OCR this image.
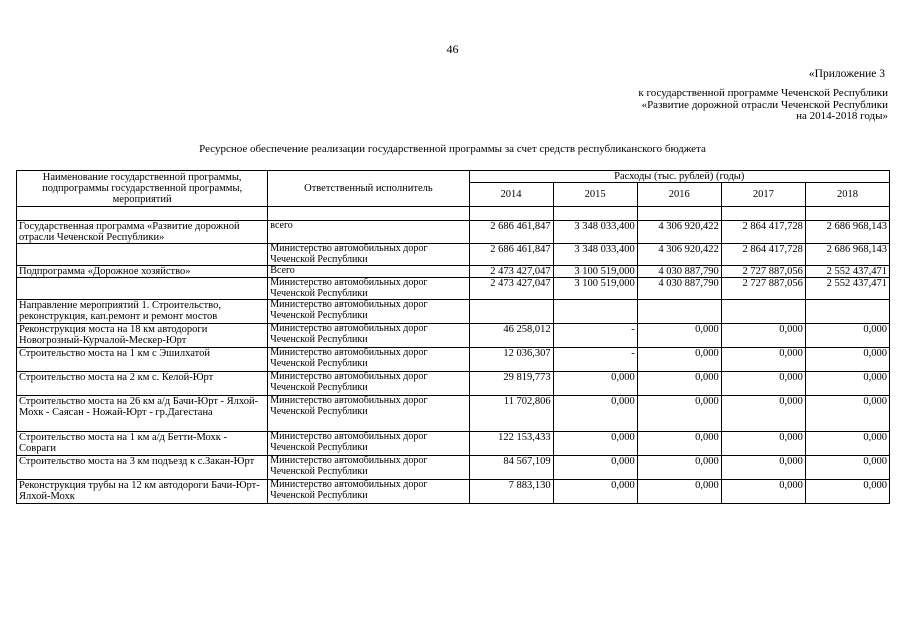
46
«Приложение 3
к государственной программе Чеченской Республики
«Развитие дорожной отрасли Чеченской Республики
на 2014-2018 годы»
Ресурсное обеспечение реализации государственной программы за счет средств республиканского бюджета
Наименование государственной программы, подпрограммы государственной программы, мероприятий	Ответственный исполнитель	Расходы (тыс. рублей) (годы)				
		2014	2015	2016	2017	2018

Государственная программа «Развитие дорожной отрасли Чеченской Республики»	всего	2 686 461,847	3 348 033,400	4 306 920,422	2 864 417,728	2 686 968,143
	Министерство автомобильных дорог Чеченской Республики	2 686 461,847	3 348 033,400	4 306 920,422	2 864 417,728	2 686 968,143
Подпрограмма «Дорожное хозяйство»	Всего	2 473 427,047	3 100 519,000	4 030 887,790	2 727 887,056	2 552 437,471
	Министерство автомобильных дорог Чеченской Республики	2 473 427,047	3 100 519,000	4 030 887,790	2 727 887,056	2 552 437,471
Направление мероприятий 1. Строительство, реконструкция, кап.ремонт и ремонт мостов	Министерство автомобильных дорог Чеченской Республики					
Реконструкция моста на 18 км автодороги Новогрозный-Курчалой-Мескер-Юрт	Министерство автомобильных дорог Чеченской Республики	46 258,012	-	0,000	0,000	0,000
Строительство моста на 1 км с Эшилхатой	Министерство автомобильных дорог Чеченской Республики	12 036,307	-	0,000	0,000	0,000
Строительство моста на 2 км с. Келой-Юрт	Министерство автомобильных дорог Чеченской Республики	29 819,773	0,000	0,000	0,000	0,000
Строительство моста на 26 км а/д Бачи-Юрт - Ялхой-Мохк - Саясан - Ножай-Юрт - гр.Дагестана	Министерство автомобильных дорог Чеченской Республики	11 702,806	0,000	0,000	0,000	0,000
Строительство моста на 1 км а/д Бетти-Мохк - Совраги	Министерство автомобильных дорог Чеченской Республики	122 153,433	0,000	0,000	0,000	0,000
Строительство моста на 3 км подъезд к с.Закан-Юрт	Министерство автомобильных дорог Чеченской Республики	84 567,109	0,000	0,000	0,000	0,000
Реконструкция трубы на 12 км автодороги Бачи-Юрт-Ялхой-Мохк	Министерство автомобильных дорог Чеченской Республики	7 883,130	0,000	0,000	0,000	0,000
